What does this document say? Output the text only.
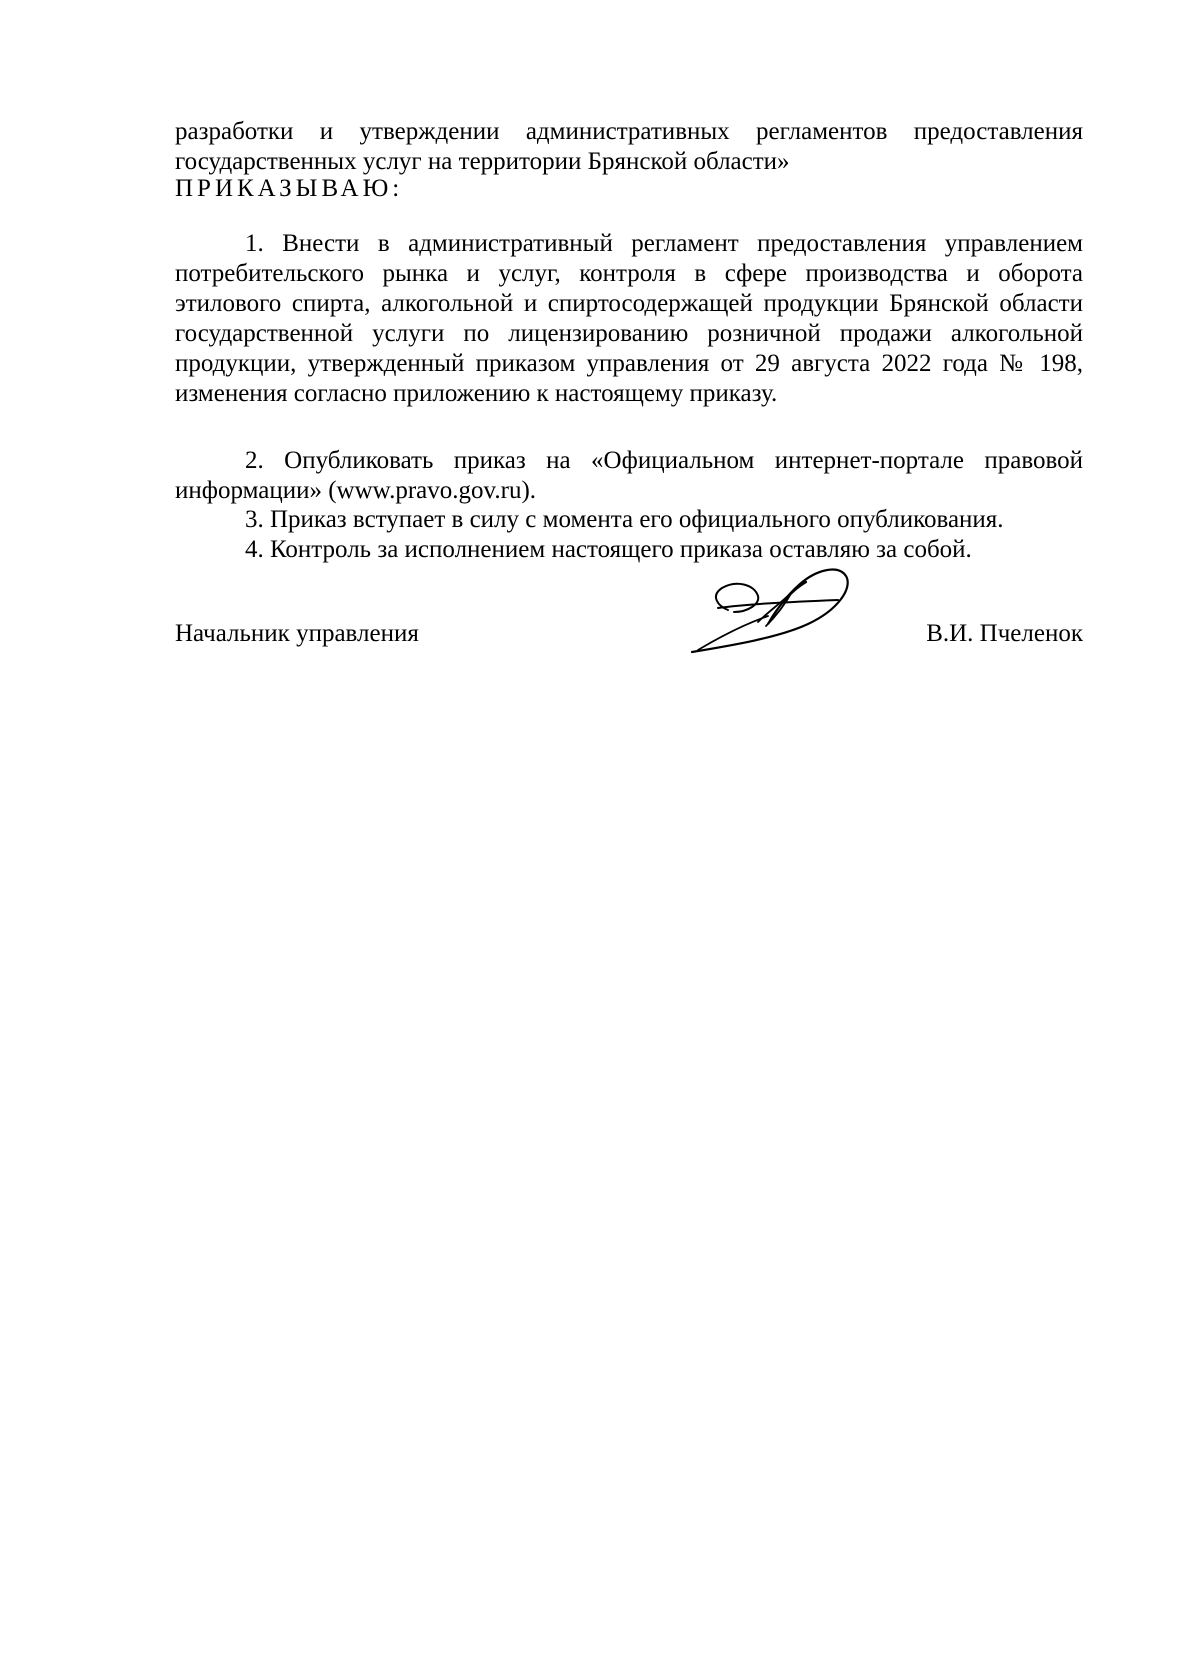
разработки и утверждении административных регламентов предоставления государственных услуг на территории Брянской области»
ПРИКАЗЫВАЮ:
1. Внести в административный регламент предоставления управлением потребительского рынка и услуг, контроля в сфере производства и оборота этилового спирта, алкогольной и спиртосодержащей продукции Брянской области государственной услуги по лицензированию розничной продажи алкогольной продукции, утвержденный приказом управления от 29 августа 2022 года № 198, изменения согласно приложению к настоящему приказу.
2. Опубликовать приказ на «Официальном интернет-портале правовой информации» (www.pravo.gov.ru).
3. Приказ вступает в силу с момента его официального опубликования.
4. Контроль за исполнением настоящего приказа оставляю за собой.
Начальник управления	В.И. Пчеленок
